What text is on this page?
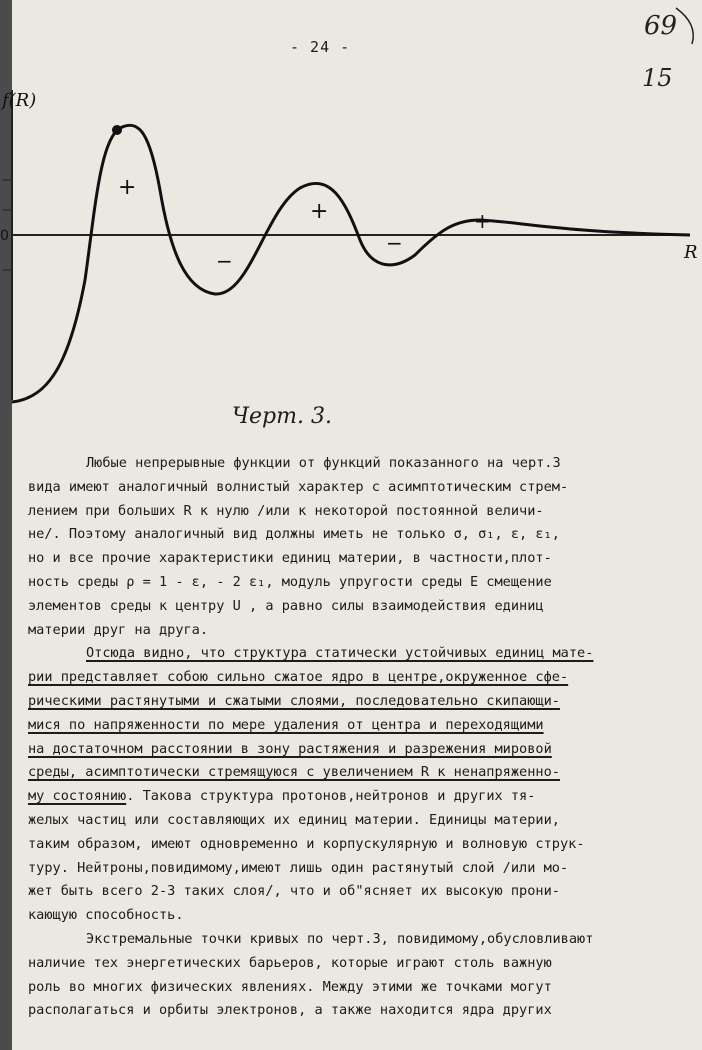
- 24 -
69
15
f(R)
R
0
+
−
+
−
+
Черт. 3.

Любые непрерывные функции от функций показанного на черт.3
вида имеют аналогичный волнистый характер с асимптотическим стрем-
лением при больших R к нулю /или к некоторой постоянной величи-
не/. Поэтому аналогичный вид должны иметь не только σ, σ₁, ε, ε₁,
но и все прочие характеристики единиц материи, в частности,плот-
ность среды ρ = 1 - ε, - 2 ε₁, модуль упругости среды E смещение
элементов среды к центру U , а равно силы взаимодействия единиц
материи друг на друга.

Отсюда видно, что структура статически устойчивых единиц мате-
рии представляет собою сильно сжатое ядро в центре,окруженное сфе-
рическими растянутыми и сжатыми слоями, последовательно скипающи-
мися по напряженности по мере удаления от центра и переходящими
на достаточном расстоянии в зону растяжения и разрежения мировой
среды, асимптотически стремящуюся с увеличением R к ненапряженно-
му состоянию. Такова структура протонов,нейтронов и других тя-
желых частиц или составляющих их единиц материи. Единицы материи,
таким образом, имеют одновременно и корпускулярную и волновую струк-
туру. Нейтроны,повидимому,имеют лишь один растянутый слой /или мо-
жет быть всего 2-3 таких слоя/, что и об"ясняет их высокую прони-
кающую способность.

Экстремальные точки кривых по черт.3, повидимому,обусловливают
наличие тех энергетических барьеров, которые играют столь важную
роль во многих физических явлениях. Между этими же точками могут
располагаться и орбиты электронов, а также находится ядра других
